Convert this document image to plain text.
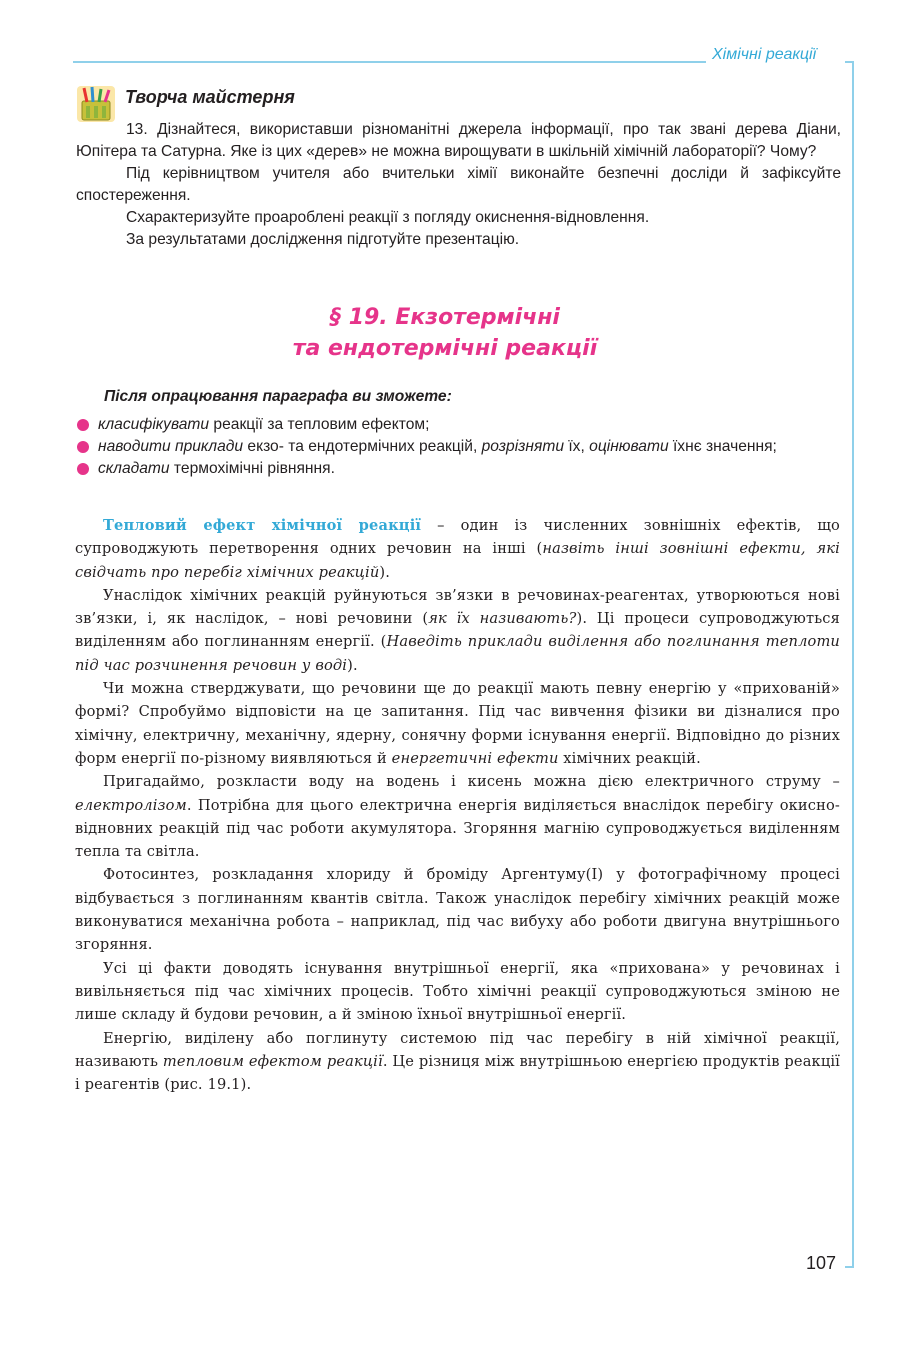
Хімічні реакції
107
Творча майстерня

13. Дізнайтеся, використавши різноманітні джерела інформації, про так звані дерева Діани, Юпітера та Сатурна. Яке із цих «дерев» не можна вирощувати в шкільній хімічній лабораторії? Чому?

Під керівництвом учителя або вчительки хімії виконайте безпечні досліди й зафіксуйте спостереження.

Схарактеризуйте проароблені реакції з погляду окиснення-відновлення.

За результатами дослідження підготуйте презентацію.

§ 19. Екзотермічні
та ендотермічні реакції
Після опрацювання параграфа ви зможете:
класифікувати реакції за тепловим ефектом;
наводити приклади екзо- та ендотермічних реакцій, розрізняти їх, оцінювати їхнє значення;
складати термохімічні рівняння.

Тепловий ефект хімічної реакції – один із численних зовнішніх ефектів, що супроводжують перетворення одних речовин на інші (назвіть інші зовнішні ефекти, які свідчать про перебіг хімічних реакцій).

Унаслідок хімічних реакцій руйнуються зв’язки в речовинах-реагентах, утворюються нові зв’язки, і, як наслідок, – нові речовини (як їх називають?). Ці процеси супроводжуються виділенням або поглинанням енергії. (Наведіть приклади виділення або поглинання теплоти під час розчинення речовин у воді).

Чи можна стверджувати, що речовини ще до реакції мають певну енергію у «прихованій» формі? Спробуймо відповісти на це запитання. Під час вивчення фізики ви дізналися про хімічну, електричну, механічну, ядерну, сонячну форми існування енергії. Відповідно до різних форм енергії по-різному виявляються й енергетичні ефекти хімічних реакцій.

Пригадаймо, розкласти воду на водень і кисень можна дією електричного струму – електролізом. Потрібна для цього електрична енергія виділяється внаслідок перебігу окисно-відновних реакцій під час роботи акумулятора. Згоряння магнію супроводжується виділенням тепла та світла.

Фотосинтез, розкладання хлориду й броміду Аргентуму(I) у фотографічному процесі відбувається з поглинанням квантів світла. Також унаслідок перебігу хімічних реакцій може виконуватися механічна робота – наприклад, під час вибуху або роботи двигуна внутрішнього згоряння.

Усі ці факти доводять існування внутрішньої енергії, яка «прихована» у речовинах і вивільняється під час хімічних процесів. Тобто хімічні реакції супроводжуються зміною не лише складу й будови речовин, а й зміною їхньої внутрішньої енергії.

Енергію, виділену або поглинуту системою під час перебігу в ній хімічної реакції, називають тепловим ефектом реакції. Це різниця між внутрішньою енергією продуктів реакції і реагентів (рис. 19.1).
